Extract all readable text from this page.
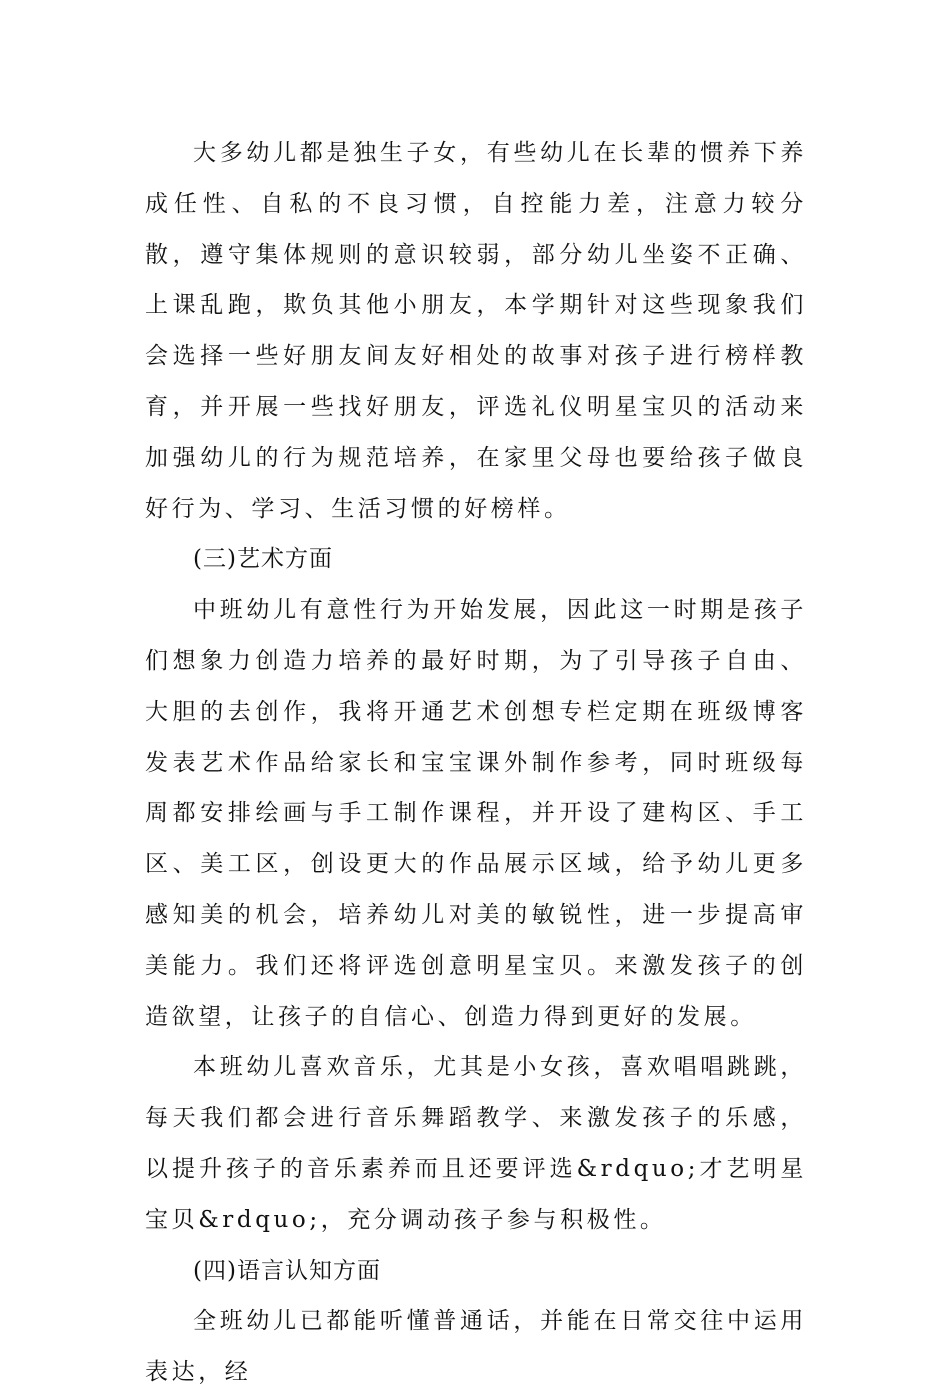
大多幼儿都是独生子女，有些幼儿在长辈的惯养下养成任性、自私的不良习惯，自控能力差，注意力较分散，遵守集体规则的意识较弱，部分幼儿坐姿不正确、上课乱跑，欺负其他小朋友，本学期针对这些现象我们会选择一些好朋友间友好相处的故事对孩子进行榜样教育，并开展一些找好朋友，评选礼仪明星宝贝的活动来加强幼儿的行为规范培养，在家里父母也要给孩子做良好行为、学习、生活习惯的好榜样。

(三)艺术方面

中班幼儿有意性行为开始发展，因此这一时期是孩子们想象力创造力培养的最好时期，为了引导孩子自由、大胆的去创作，我将开通艺术创想专栏定期在班级博客发表艺术作品给家长和宝宝课外制作参考，同时班级每周都安排绘画与手工制作课程，并开设了建构区、手工区、美工区，创设更大的作品展示区域，给予幼儿更多感知美的机会，培养幼儿对美的敏锐性，进一步提高审美能力。我们还将评选创意明星宝贝。来激发孩子的创造欲望，让孩子的自信心、创造力得到更好的发展。

本班幼儿喜欢音乐，尤其是小女孩，喜欢唱唱跳跳，每天我们都会进行音乐舞蹈教学、来激发孩子的乐感，以提升孩子的音乐素养而且还要评选&rdquo;才艺明星宝贝&rdquo;，充分调动孩子参与积极性。

(四)语言认知方面

全班幼儿已都能听懂普通话，并能在日常交往中运用表达，经
